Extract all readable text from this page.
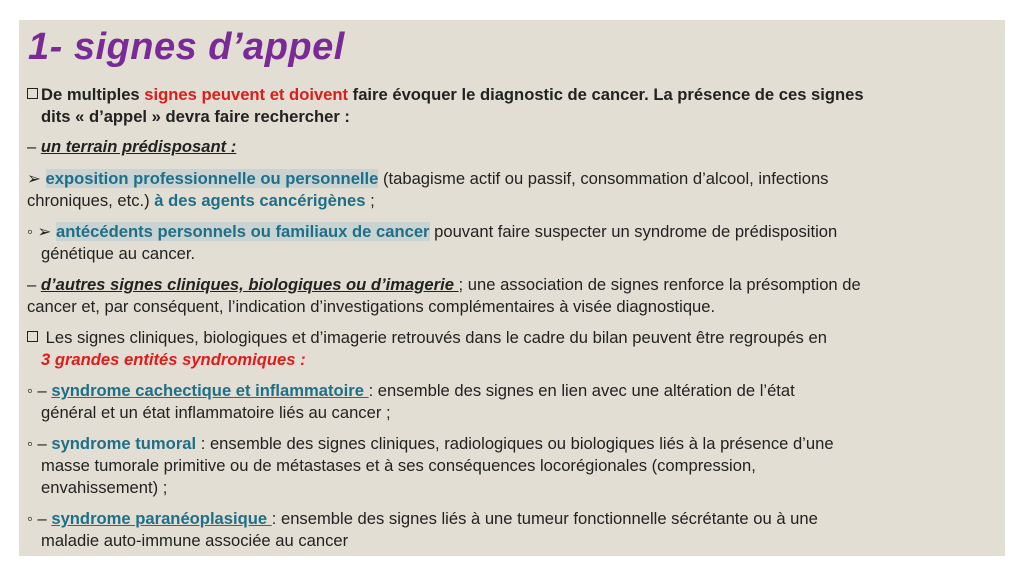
1- signes d’appel
De multiples signes peuvent et doivent faire évoquer le diagnostic de cancer. La présence de ces signes
dits « d’appel » devra faire rechercher :
– un terrain prédisposant :
➢ exposition professionnelle ou personnelle (tabagisme actif ou passif, consommation d’alcool, infections
chroniques, etc.) à des agents cancérigènes ;
◦ ➢ antécédents personnels ou familiaux de cancer pouvant faire suspecter un syndrome de prédisposition
génétique au cancer.
– d’autres signes cliniques, biologiques ou d’imagerie ; une association de signes renforce la présomption de
cancer et, par conséquent, l’indication d’investigations complémentaires à visée diagnostique.
Les signes cliniques, biologiques et d’imagerie retrouvés dans le cadre du bilan peuvent être regroupés en
3 grandes entités syndromiques :
◦ – syndrome cachectique et inflammatoire : ensemble des signes en lien avec une altération de l’état
général et un état inflammatoire liés au cancer ;
◦ – syndrome tumoral : ensemble des signes cliniques, radiologiques ou biologiques liés à la présence d’une
masse tumorale primitive ou de métastases et à ses conséquences locorégionales (compression,
envahissement) ;
◦ – syndrome paranéoplasique : ensemble des signes liés à une tumeur fonctionnelle sécrétante ou à une
maladie auto-immune associée au cancer
